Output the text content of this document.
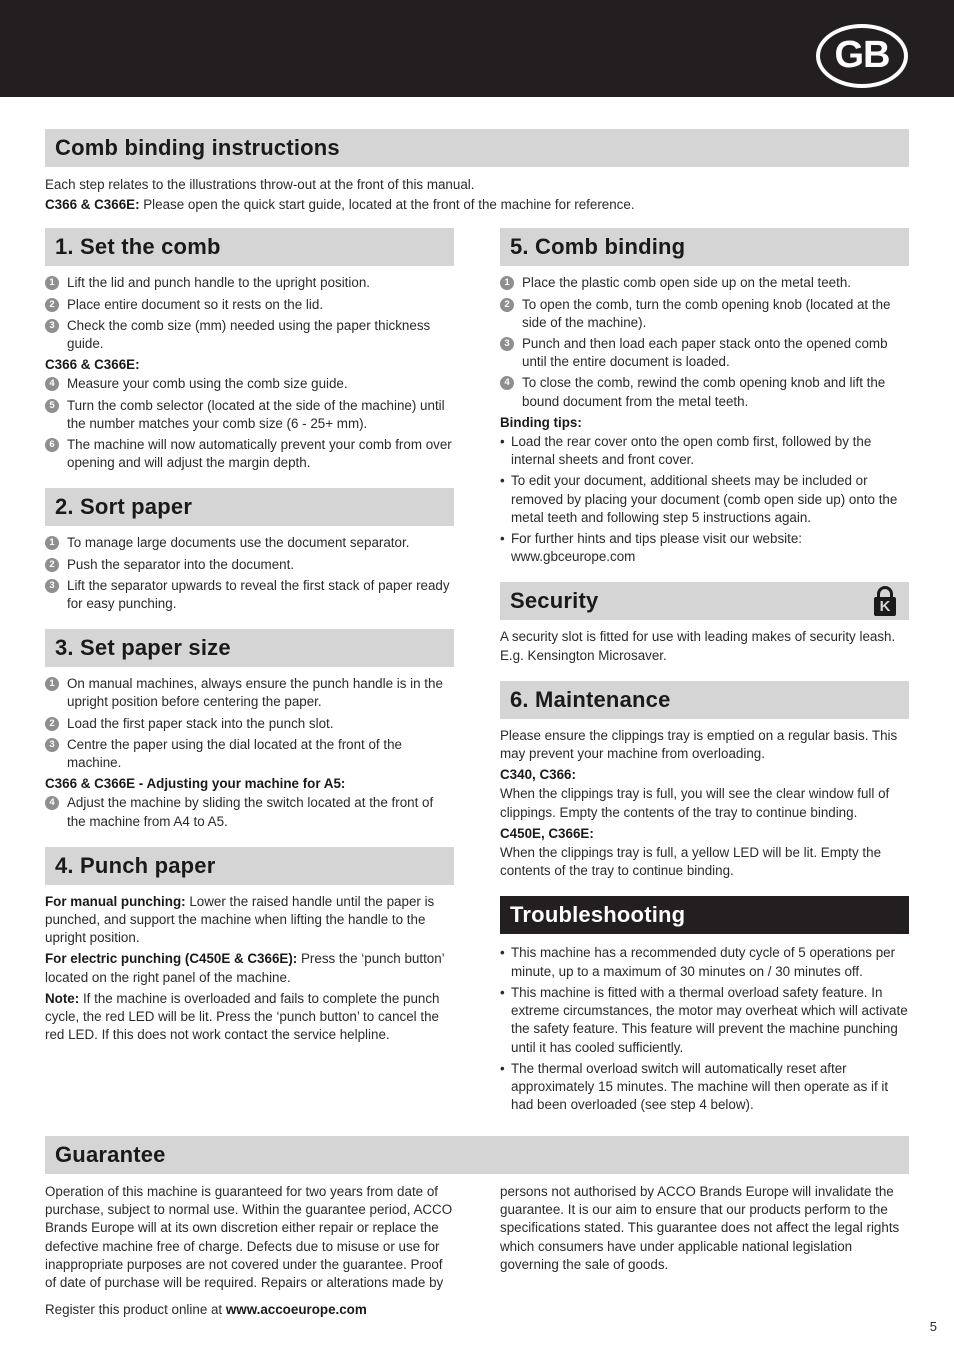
GB
Comb binding instructions

Each step relates to the illustrations throw-out at the front of this manual.

C366 & C366E: Please open the quick start guide, located at the front of the machine for reference.

1. Set the comb
1 Lift the lid and punch handle to the upright position.
2 Place entire document so it rests on the lid.
3 Check the comb size (mm) needed using the paper thickness guide.
C366 & C366E:
4 Measure your comb using the comb size guide.
5 Turn the comb selector (located at the side of the machine) until the number matches your comb size (6 - 25+ mm).
6 The machine will now automatically prevent your comb from over opening and will adjust the margin depth.
2. Sort paper
1 To manage large documents use the document separator.
2 Push the separator into the document.
3 Lift the separator upwards to reveal the first stack of paper ready for easy punching.
3. Set paper size
1 On manual machines, always ensure the punch handle is in the upright position before centering the paper.
2 Load the first paper stack into the punch slot.
3 Centre the paper using the dial located at the front of the machine.
C366 & C366E - Adjusting your machine for A5:
4 Adjust the machine by sliding the switch located at the front of the machine from A4 to A5.
4. Punch paper

For manual punching: Lower the raised handle until the paper is punched, and support the machine when lifting the handle to the upright position.

For electric punching (C450E & C366E): Press the ‘punch button’ located on the right panel of the machine.

Note: If the machine is overloaded and fails to complete the punch cycle, the red LED will be lit. Press the ‘punch button’ to cancel the red LED. If this does not work contact the service helpline.

5. Comb binding
1 Place the plastic comb open side up on the metal teeth.
2 To open the comb, turn the comb opening knob (located at the side of the machine).
3 Punch and then load each paper stack onto the opened comb until the entire document is loaded.
4 To close the comb, rewind the comb opening knob and lift the bound document from the metal teeth.
Binding tips:
• Load the rear cover onto the open comb first, followed by the internal sheets and front cover.
• To edit your document, additional sheets may be included or removed by placing your document (comb open side up) onto the metal teeth and following step 5 instructions again.
• For further hints and tips please visit our website: www.gbceurope.com
Security	K

A security slot is fitted for use with leading makes of security leash. E.g. Kensington Microsaver.

6. Maintenance

Please ensure the clippings tray is emptied on a regular basis. This may prevent your machine from overloading.

C340, C366:

When the clippings tray is full, you will see the clear window full of clippings. Empty the contents of the tray to continue binding.

C450E, C366E:

When the clippings tray is full, a yellow LED will be lit. Empty the contents of the tray to continue binding.

Troubleshooting
• This machine has a recommended duty cycle of 5 operations per minute, up to a maximum of 30 minutes on / 30 minutes off.
• This machine is fitted with a thermal overload safety feature. In extreme circumstances, the motor may overheat which will activate the safety feature. This feature will prevent the machine punching until it has cooled sufficiently.
• The thermal overload switch will automatically reset after approximately 15 minutes. The machine will then operate as if it had been overloaded (see step 4 below).
Guarantee

Operation of this machine is guaranteed for two years from date of purchase, subject to normal use. Within the guarantee period, ACCO Brands Europe will at its own discretion either repair or replace the defective machine free of charge. Defects due to misuse or use for inappropriate purposes are not covered under the guarantee. Proof of date of purchase will be required. Repairs or alterations made by

persons not authorised by ACCO Brands Europe will invalidate the guarantee. It is our aim to ensure that our products perform to the specifications stated. This guarantee does not affect the legal rights which consumers have under applicable national legislation governing the sale of goods.

Register this product online at www.accoeurope.com

5
